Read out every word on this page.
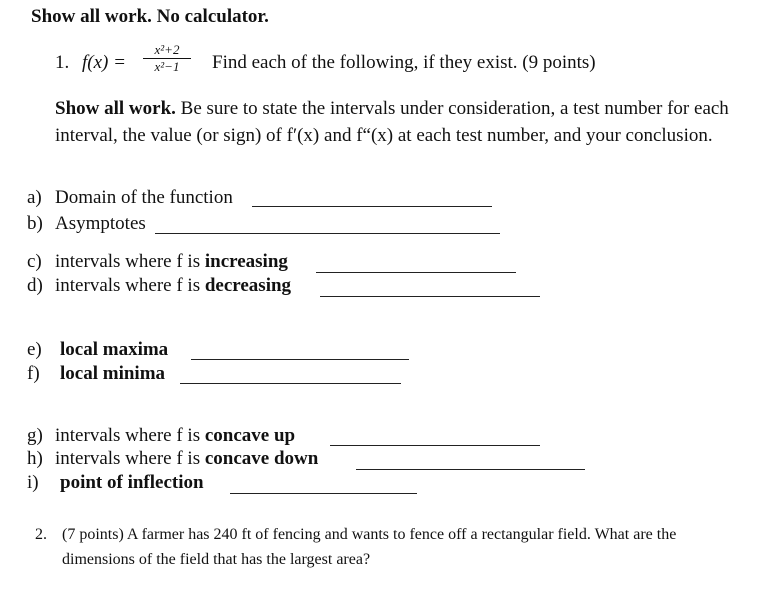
Show all work. No calculator.
1. f(x) =
x²+2
x²−1	Find each of the following, if they exist. (9 points)
Show all work. Be sure to state the intervals under consideration, a test number for each interval, the value (or sign) of f′(x) and f“(x) at each test number, and your conclusion.
a) Domain of the function
b) Asymptotes
c) intervals where f is increasing
d) intervals where f is decreasing
e) local maxima
f) local minima
g) intervals where f is concave up
h) intervals where f is concave down
i) point of inflection
2. (7 points) A farmer has 240 ft of fencing and wants to fence off a rectangular field. What are the dimensions of the field that has the largest area?
